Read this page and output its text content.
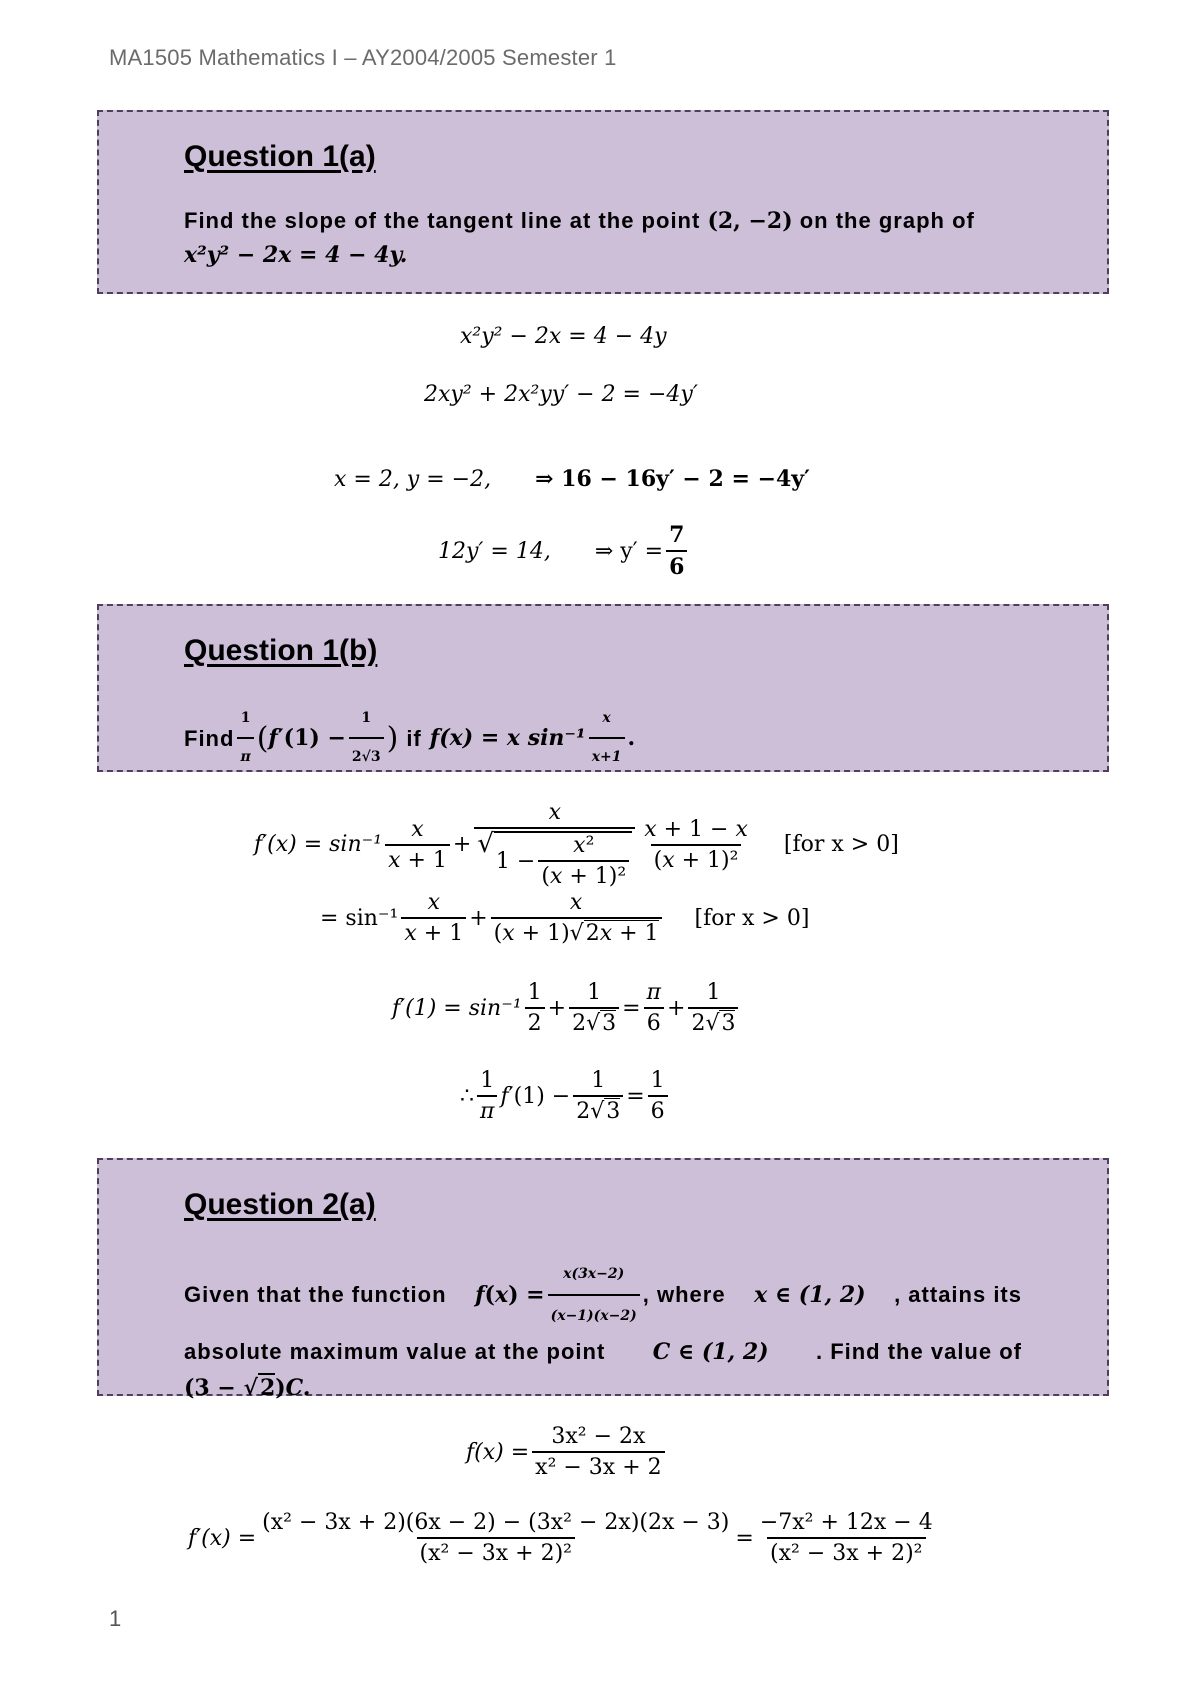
MA1505 Mathematics I – AY2004/2005 Semester 1
Question 1(a)
Find the slope of the tangent line at the point (2, −2) on the graph of
x²y² − 2x = 4 − 4y.
x²y² − 2x = 4 − 4y
2xy² + 2x²yy′ − 2 = −4y′
x = 2, y = −2, ⇒ 16 − 16y′ − 2 = −4y′
12y′ = 14, ⇒ $y' = \frac{7}{6}$
Question 1(b)
Find $\frac{1}{\pi}$ ( f $'(1) - \frac{1}{2√3}$ ) if f(x) = x $\sin^{-1} \frac{x}{x+1}$ .
$f'(x) = \sin^{-1} \frac{x}{x + 1} + x$
√
$1 - \frac{\text{x²}}{\text{(x + 1)²}} \frac{x + 1 - x}{\text{(x + 1)²}} [for$ x > 0]
= $\sin^{-1} \frac{x}{x + 1} + \frac{x}{(x + 1)√2x + 1} [for$ x > 0]
$f'(1) = \sin^{-1} \frac{1}{2} + \frac{1}{2√3} = \frac{\pi}{6} + \frac{1}{2√3}$
∴ $\frac{1}{\pi}$ f $'(1) - \frac{1}{2√3} = \frac{1}{6}$
Question 2(a)
Given that the function f ( x ) = $\frac{x(3x-2)}{(x-1)(x-2)}$ , where x ∈ (1, 2) , attains its
absolute maximum value at the point C ∈ (1, 2) . Find the value of
(3 − √2)C.
$f(x) = \frac{\text{3x² − 2x}}{\text{x² − 3x + 2}}$
$f'(x) = \frac{\text{(x² − 3x + 2)(6x − 2) − (3x² − 2x)(2x − 3)}}{\text{(x² − 3x + 2)²}} = \frac{\text{−7x² + 12x − 4}}{\text{(x² − 3x + 2)²}}$
1
